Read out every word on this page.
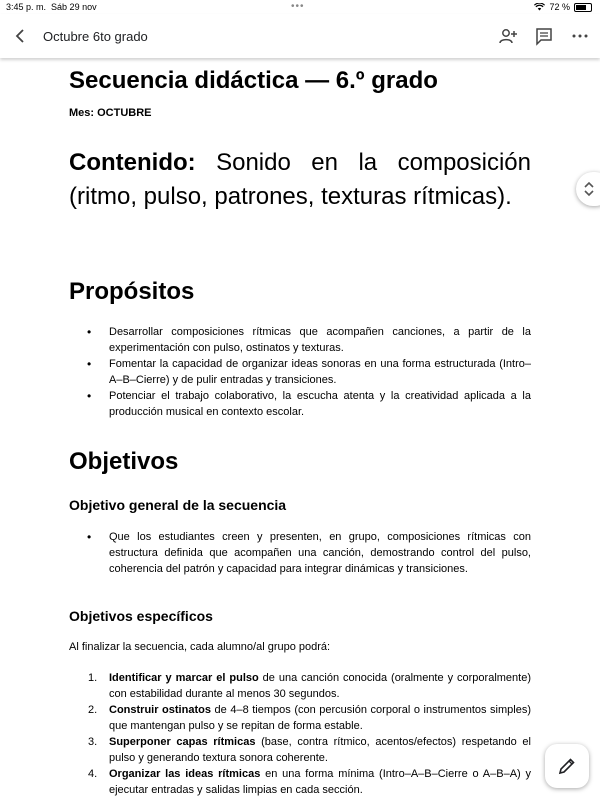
3:45 p. m. Sáb 29 nov	•••	72 %
Octubre 6to grado
Secuencia didáctica — 6.º grado
Mes: OCTUBRE
Contenido: Sonido en la composición (ritmo, pulso, patrones, texturas rítmicas).
Propósitos
• Desarrollar composiciones rítmicas que acompañen canciones, a partir de la experimentación con pulso, ostinatos y texturas.
• Fomentar la capacidad de organizar ideas sonoras en una forma estructurada (Intro–A–B–Cierre) y de pulir entradas y transiciones.
• Potenciar el trabajo colaborativo, la escucha atenta y la creatividad aplicada a la producción musical en contexto escolar.
Objetivos
Objetivo general de la secuencia
• Que los estudiantes creen y presenten, en grupo, composiciones rítmicas con estructura definida que acompañen una canción, demostrando control del pulso, coherencia del patrón y capacidad para integrar dinámicas y transiciones.
Objetivos específicos
Al finalizar la secuencia, cada alumno/al grupo podrá:
1. Identificar y marcar el pulso de una canción conocida (oralmente y corporalmente) con estabilidad durante al menos 30 segundos.
2. Construir ostinatos de 4–8 tiempos (con percusión corporal o instrumentos simples) que mantengan pulso y se repitan de forma estable.
3. Superponer capas rítmicas (base, contra rítmico, acentos/efectos) respetando el pulso y generando textura sonora coherente.
4. Organizar las ideas rítmicas en una forma mínima (Intro–A–B–Cierre o A–B–A) y ejecutar entradas y salidas limpias en cada sección.
